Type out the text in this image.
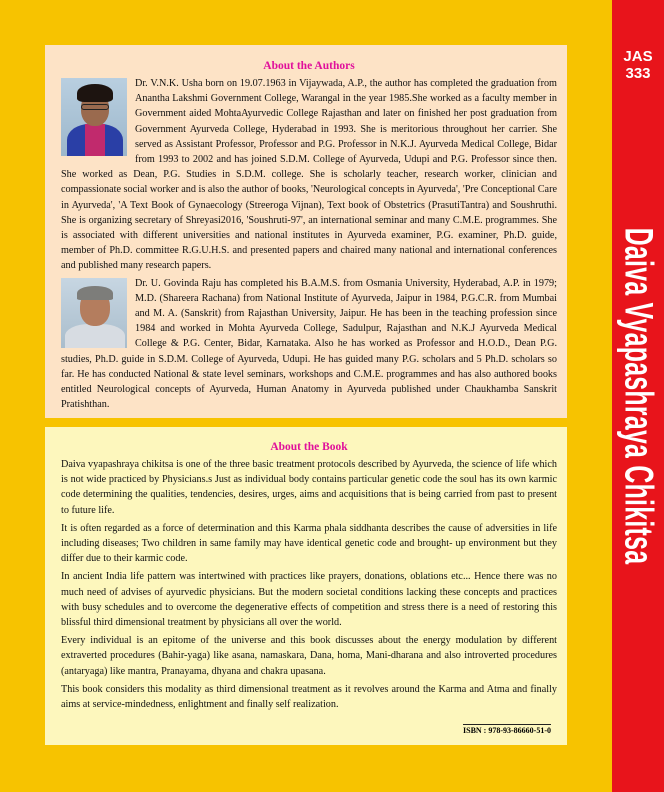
JAS
333
Daiva Vyapashraya Chikitsa
About the Authors

Dr. V.N.K. Usha born on 19.07.1963 in Vijaywada, A.P., the author has completed the graduation from Anantha Lakshmi Government College, Warangal in the year 1985.She worked as a faculty member in Government aided MohtaAyurvedic College Rajasthan and later on finished her post graduation from Government Ayurveda College, Hyderabad in 1993. She is meritorious throughout her carrier. She served as Assistant Professor, Professor and P.G. Professor in N.K.J. Ayurveda Medical College, Bidar from 1993 to 2002 and has joined S.D.M. College of Ayurveda, Udupi and P.G. Professor since then. She worked as Dean, P.G. Studies in S.D.M. college. She is scholarly teacher, research worker, clinician and compassionate social worker and is also the author of books, 'Neurological concepts in Ayurveda', 'Pre Conceptional Care in Ayurveda', 'A Text Book of Gynaecology (Streeroga Vijnan), Text book of Obstetrics (PrasutiTantra) and Soushruthi. She is organizing secretary of Shreyasi2016, 'Soushruti-97', an international seminar and many C.M.E. programmes. She is associated with different universities and national institutes in Ayurveda examiner, P.G. examiner, Ph.D. guide, member of Ph.D. committee R.G.U.H.S. and presented papers and chaired many national and international conferences and published many research papers.

Dr. U. Govinda Raju has completed his B.A.M.S. from Osmania University, Hyderabad, A.P. in 1979; M.D. (Shareera Rachana) from National Institute of Ayurveda, Jaipur in 1984, P.G.C.R. from Mumbai and M. A. (Sanskrit) from Rajasthan University, Jaipur. He has been in the teaching profession since 1984 and worked in Mohta Ayurveda College, Sadulpur, Rajasthan and N.K.J Ayurveda Medical College & P.G. Center, Bidar, Karnataka. Also he has worked as Professor and H.O.D., Dean P.G. studies, Ph.D. guide in S.D.M. College of Ayurveda, Udupi. He has guided many P.G. scholars and 5 Ph.D. scholars so far. He has conducted National & state level seminars, workshops and C.M.E. programmes and has also authored books entitled Neurological concepts of Ayurveda, Human Anatomy in Ayurveda published under Chaukhamba Sanskrit Pratishthan.

About the Book

Daiva vyapashraya chikitsa is one of the three basic treatment protocols described by Ayurveda, the science of life which is not wide practiced by Physicians.s Just as individual body contains particular genetic code the soul has its own karmic code determining the qualities, tendencies, desires, urges, aims and acquisitions that is being carried from past to present to future life.

It is often regarded as a force of determination and this Karma phala siddhanta describes the cause of adversities in life including diseases; Two children in same family may have identical genetic code and brought- up environment but they differ due to their karmic code.

In ancient India life pattern was intertwined with practices like prayers, donations, oblations etc... Hence there was no much need of advises of ayurvedic physicians. But the modern societal conditions lacking these concepts and practices with busy schedules and to overcome the degenerative effects of competition and stress there is a need of restoring this blissful third dimensional treatment by physicians all over the world.

Every individual is an epitome of the universe and this book discusses about the energy modulation by different extraverted procedures (Bahir-yaga) like asana, namaskara, Dana, homa, Mani-dharana and also introverted procedures (antaryaga) like mantra, Pranayama, dhyana and chakra upasana.

This book considers this modality as third dimensional treatment as it revolves around the Karma and Atma and finally aims at service-mindedness, enlightment and finally self realization.

ISBN : 978-93-86660-51-0
